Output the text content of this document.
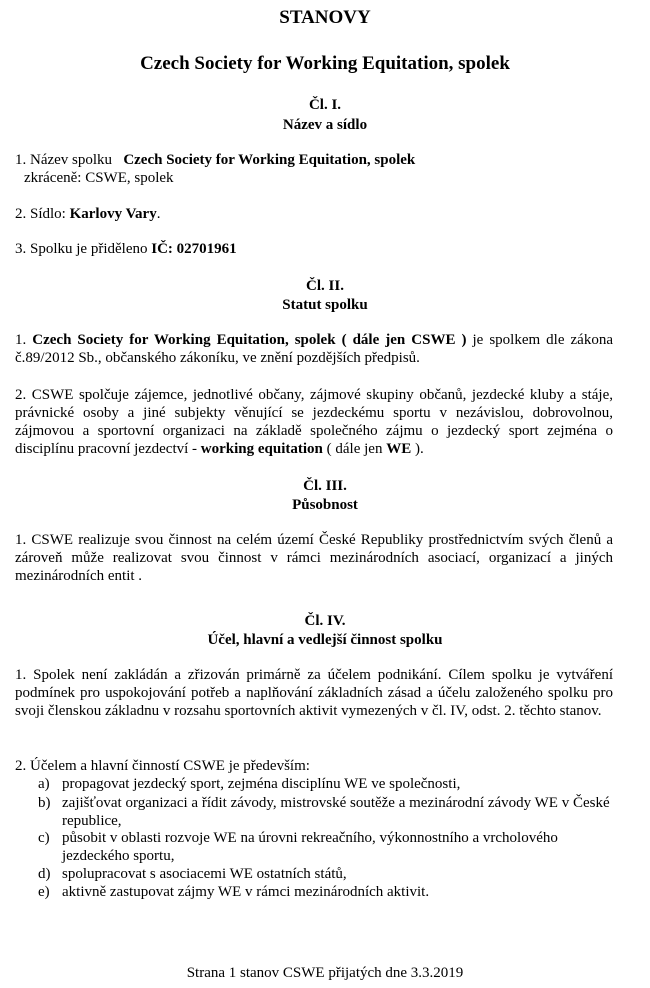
STANOVY
Czech Society for Working Equitation, spolek
Čl. I.
Název a sídlo
1. Název spolku Czech Society for Working Equitation, spolek
zkráceně: CSWE, spolek
2. Sídlo: Karlovy Vary.
3. Spolku je přiděleno IČ: 02701961
Čl. II.
Statut spolku
1. Czech Society for Working Equitation, spolek ( dále jen CSWE ) je spolkem dle zákona č.89/2012 Sb., občanského zákoníku, ve znění pozdějších předpisů.
2. CSWE spolčuje zájemce, jednotlivé občany, zájmové skupiny občanů, jezdecké kluby a stáje, právnické osoby a jiné subjekty věnující se jezdeckému sportu v nezávislou, dobrovolnou, zájmovou a sportovní organizaci na základě společného zájmu o jezdecký sport zejména o disciplínu pracovní jezdectví - working equitation ( dále jen WE ).
Čl. III.
Působnost
1. CSWE realizuje svou činnost na celém území České Republiky prostřednictvím svých členů a zároveň může realizovat svou činnost v rámci mezinárodních asociací, organizací a jiných mezinárodních entit .
Čl. IV.
Účel, hlavní a vedlejší činnost spolku
1. Spolek není zakládán a zřizován primárně za účelem podnikání. Cílem spolku je vytváření podmínek pro uspokojování potřeb a naplňování základních zásad a účelu založeného spolku pro svoji členskou základnu v rozsahu sportovních aktivit vymezených v čl. IV, odst. 2. těchto stanov.
2. Účelem a hlavní činností CSWE je především:
a) propagovat jezdecký sport, zejména disciplínu WE ve společnosti,
b) zajišťovat organizaci a řídit závody, mistrovské soutěže a mezinárodní závody WE v České republice,
c) působit v oblasti rozvoje WE na úrovni rekreačního, výkonnostního a vrcholového jezdeckého sportu,
d) spolupracovat s asociacemi WE ostatních států,
e) aktivně zastupovat zájmy WE v rámci mezinárodních aktivit.
Strana 1 stanov CSWE přijatých dne 3.3.2019
